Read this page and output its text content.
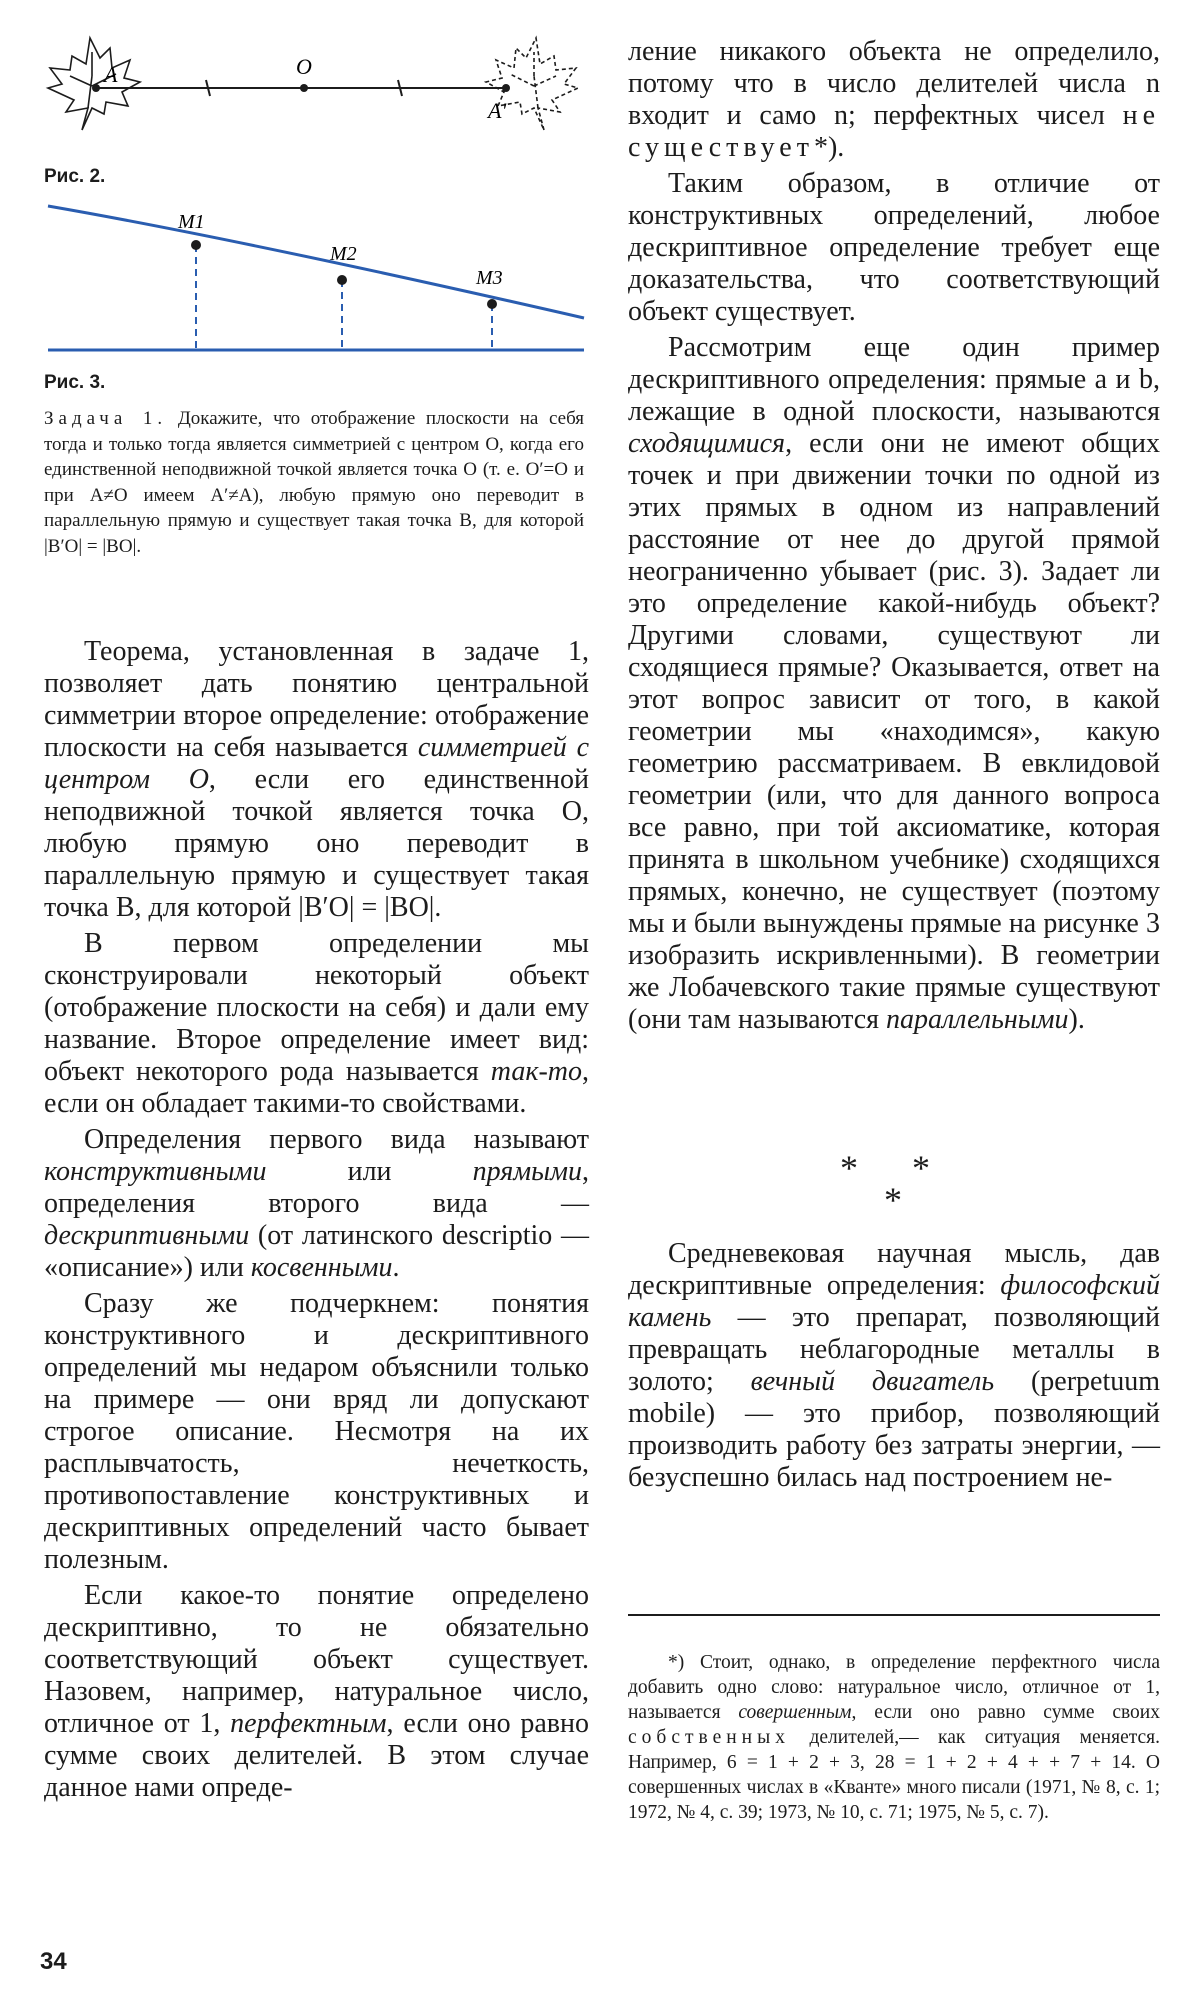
A	O
A'

Рис. 2.

M1
M2
M3

Рис. 3.

Задача 1. Докажите, что отображение плоскости на себя тогда и только тогда является симметрией с центром O, когда его единственной неподвижной точкой является точка O (т. е. O′=O и при A≠O имеем A′≠A), любую прямую оно переводит в параллельную прямую и существует такая точка B, для которой |B′O| = |BO|.

Теорема, установленная в задаче 1, позволяет дать понятию центральной симметрии второе определение: отображение плоскости на себя называется симметрией с центром O, если его единственной неподвижной точкой является точка O, любую прямую оно переводит в параллельную прямую и существует такая точка B, для которой |B′O| = |BO|.

В первом определении мы сконструировали некоторый объект (отображение плоскости на себя) и дали ему название. Второе определение имеет вид: объект некоторого рода называется так-то, если он обладает такими-то свойствами.

Определения первого вида называют конструктивными или прямыми, определения второго вида — дескриптивными (от латинского descriptio — «описание») или косвенными.

Сразу же подчеркнем: понятия конструктивного и дескриптивного определений мы недаром объяснили только на примере — они вряд ли допускают строгое описание. Несмотря на их расплывчатость, нечеткость, противопоставление конструктивных и дескриптивных определений часто бывает полезным.

Если какое-то понятие определено дескриптивно, то не обязательно соответствующий объект существует. Назовем, например, натуральное число, отличное от 1, перфектным, если оно равно сумме своих делителей. В этом случае данное нами опреде-

ление никакого объекта не определило, потому что в число делителей числа n входит и само n; перфектных чисел не существует*).

Таким образом, в отличие от конструктивных определений, любое дескриптивное определение требует еще доказательства, что соответствующий объект существует.

Рассмотрим еще один пример дескриптивного определения: прямые a и b, лежащие в одной плоскости, называются сходящимися, если они не имеют общих точек и при движении точки по одной из этих прямых в одном из направлений расстояние от нее до другой прямой неограниченно убывает (рис. 3). Задает ли это определение какой-нибудь объект? Другими словами, существуют ли сходящиеся прямые? Оказывается, ответ на этот вопрос зависит от того, в какой геометрии мы «находимся», какую геометрию рассматриваем. В евклидовой геометрии (или, что для данного вопроса все равно, при той аксиоматике, которая принята в школьном учебнике) сходящихся прямых, конечно, не существует (поэтому мы и были вынуждены прямые на рисунке 3 изобразить искривленными). В геометрии же Лобачевского такие прямые существуют (они там называются параллельными).

*      *
*

Средневековая научная мысль, дав дескриптивные определения: философский камень — это препарат, позволяющий превращать неблагородные металлы в золото; вечный двигатель (perpetuum mobile) — это прибор, позволяющий производить работу без затраты энергии, — безуспешно билась над построением не-

*) Стоит, однако, в определение перфектного числа добавить одно слово: натуральное число, отличное от 1, называется совершенным, если оно равно сумме своих собственных делителей,— как ситуация меняется. Например, 6 = 1 + 2 + 3, 28 = 1 + 2 + 4 + + 7 + 14. О совершенных числах в «Кванте» много писали (1971, № 8, с. 1; 1972, № 4, с. 39; 1973, № 10, с. 71; 1975, № 5, с. 7).

34
